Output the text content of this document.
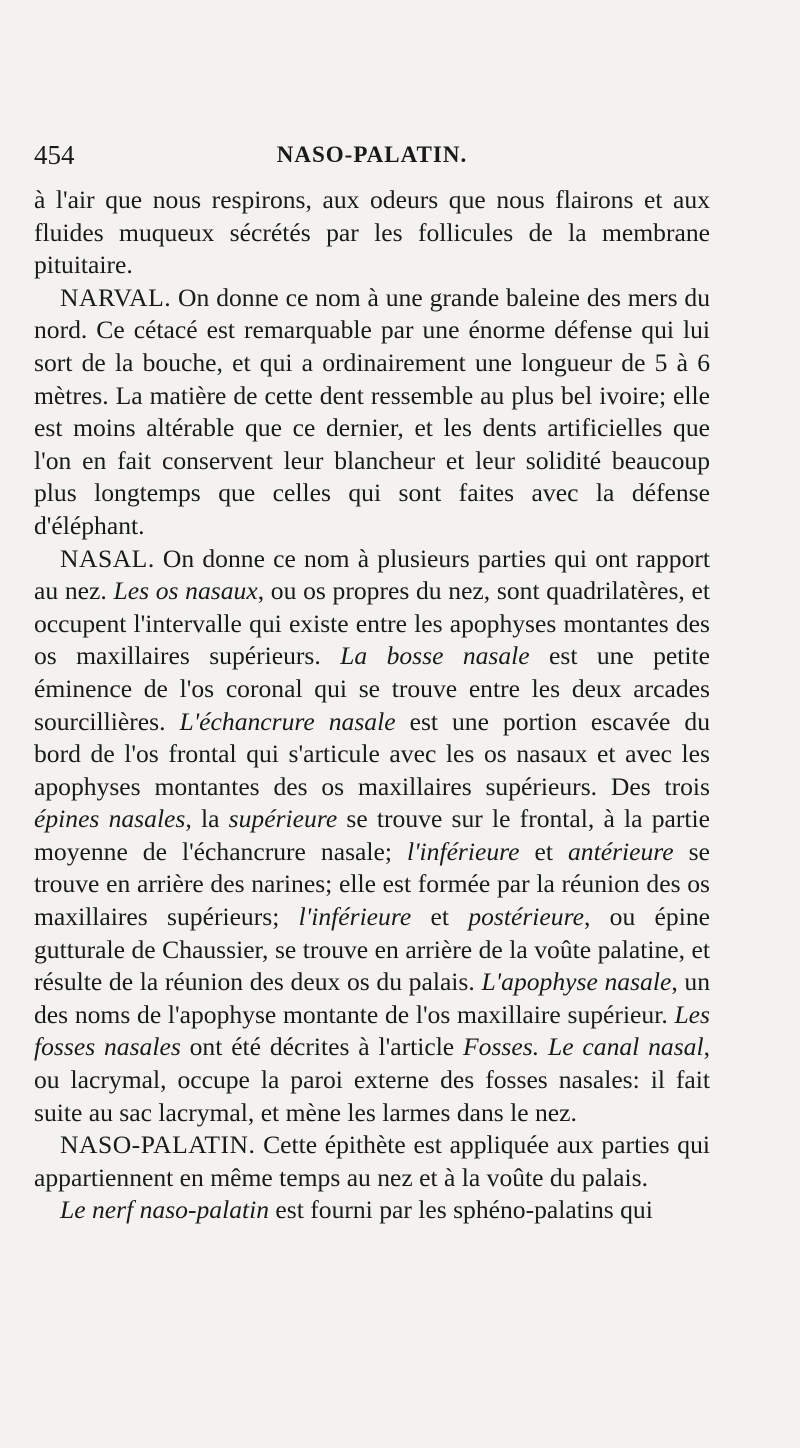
454	NASO-PALATIN.

à l'air que nous respirons, aux odeurs que nous flairons et aux fluides muqueux sécrétés par les follicules de la membrane pituitaire.

NARVAL. On donne ce nom à une grande baleine des mers du nord. Ce cétacé est remarquable par une énorme défense qui lui sort de la bouche, et qui a ordinairement une longueur de 5 à 6 mètres. La matière de cette dent ressemble au plus bel ivoire; elle est moins altérable que ce dernier, et les dents artificielles que l'on en fait conservent leur blancheur et leur solidité beaucoup plus longtemps que celles qui sont faites avec la défense d'éléphant.

NASAL. On donne ce nom à plusieurs parties qui ont rapport au nez. Les os nasaux, ou os propres du nez, sont quadrilatères, et occupent l'intervalle qui existe entre les apophyses montantes des os maxillaires supérieurs. La bosse nasale est une petite éminence de l'os coronal qui se trouve entre les deux arcades sourcillières. L'échancrure nasale est une portion escavée du bord de l'os frontal qui s'articule avec les os nasaux et avec les apophyses montantes des os maxillaires supérieurs. Des trois épines nasales, la supérieure se trouve sur le frontal, à la partie moyenne de l'échancrure nasale; l'inférieure et antérieure se trouve en arrière des narines; elle est formée par la réunion des os maxillaires supérieurs; l'inférieure et postérieure, ou épine gutturale de Chaussier, se trouve en arrière de la voûte palatine, et résulte de la réunion des deux os du palais. L'apophyse nasale, un des noms de l'apophyse montante de l'os maxillaire supérieur. Les fosses nasales ont été décrites à l'article Fosses. Le canal nasal, ou lacrymal, occupe la paroi externe des fosses nasales: il fait suite au sac lacrymal, et mène les larmes dans le nez.

NASO-PALATIN. Cette épithète est appliquée aux parties qui appartiennent en même temps au nez et à la voûte du palais.

Le nerf naso-palatin est fourni par les sphéno-palatins qui
